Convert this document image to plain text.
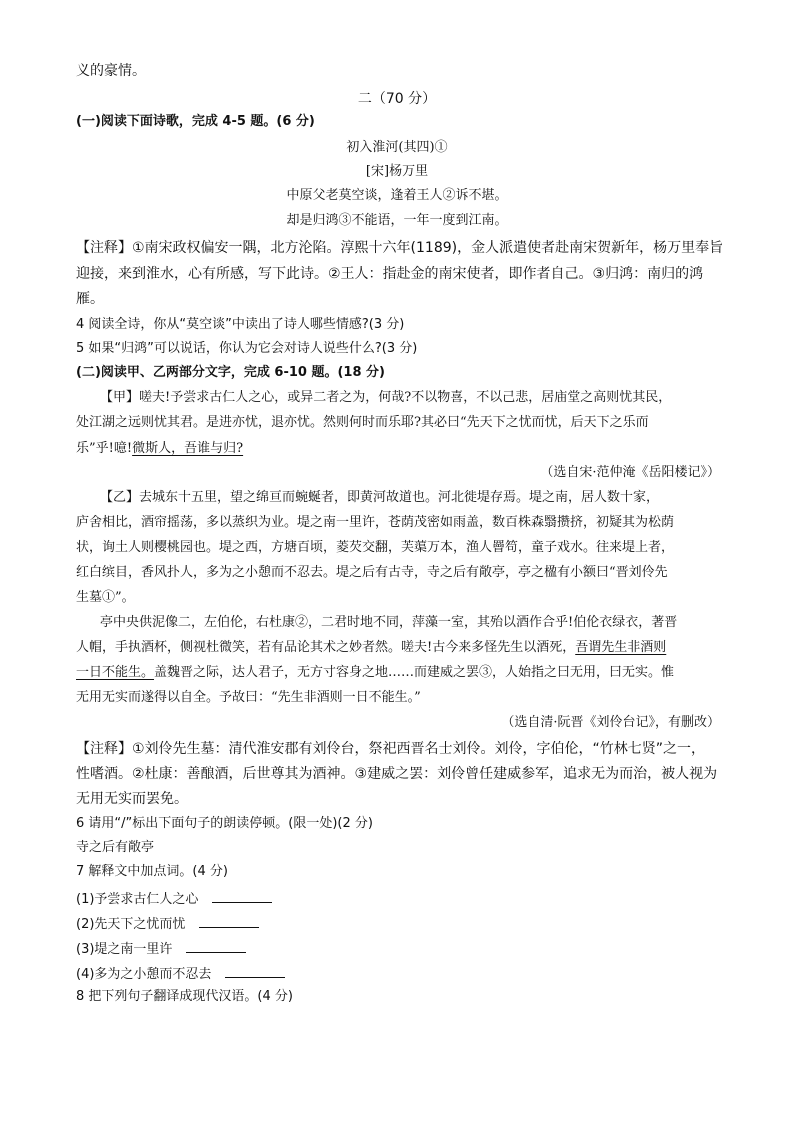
义的豪情。
二（70 分）
(一)阅读下面诗歌，完成 4-5 题。(6 分)
初入淮河(其四)①
[宋]杨万里
中原父老莫空谈，逢着王人②诉不堪。
却是归鸿③不能语，一年一度到江南。
【注释】①南宋政权偏安一隅，北方沦陷。淳熙十六年(1189)，金人派遣使者赴南宋贺新年，杨万里奉旨
迎接，来到淮水，心有所感，写下此诗。②王人：指赴金的南宋使者，即作者自己。③归鸿：南归的鸿
雁。
4 阅读全诗，你从“莫空谈”中读出了诗人哪些情感?(3 分)
5 如果“归鸿”可以说话，你认为它会对诗人说些什么?(3 分)
(二)阅读甲、乙两部分文字，完成 6-10 题。(18 分)
【甲】嗟夫!予尝求古仁人之心，或异二者之为，何哉?不以物喜，不以己悲，居庙堂之高则忧其民，
处江湖之远则忧其君。是进亦忧，退亦忧。然则何时而乐耶?其必曰“先天下之忧而忧，后天下之乐而
乐”乎!噫!微斯人，吾谁与归?
（选自宋·范仲淹《岳阳楼记》）
【乙】去城东十五里，望之绵亘而蜿蜒者，即黄河故道也。河北徙堤存焉。堤之南，居人数十家，
庐舍相比，酒帘摇荡，多以蒸织为业。堤之南一里许，苍荫茂密如雨盖，数百株森翳攒挤，初疑其为松荫
状，询土人则樱桃园也。堤之西，方塘百顷，菱芡交翻，芙蕖万本，渔人罾笱，童子戏水。往来堤上者，
红白缤目，香风扑人，多为之小憩而不忍去。堤之后有古寺，寺之后有敞亭，亭之楹有小额曰“晋刘伶先
生墓①”。
亭中央供泥像二，左伯伦，右杜康②，二君时地不同，萍藻一室，其殆以酒作合乎!伯伦衣绿衣，著晋
人帽，手执酒杯，侧视杜微笑，若有品论其术之妙者然。嗟夫!古今来多怪先生以酒死，吾谓先生非酒则
一日不能生。盖魏晋之际，达人君子，无方寸容身之地……而建威之罢③，人始指之曰无用，曰无实。惟
无用无实而遂得以自全。予故曰：“先生非酒则一日不能生。”
（选自清·阮晋《刘伶台记》，有删改）
【注释】①刘伶先生墓：清代淮安郡有刘伶台，祭祀西晋名士刘伶。刘伶，字伯伦，“竹林七贤”之一，
性嗜酒。②杜康：善酿酒，后世尊其为酒神。③建威之罢：刘伶曾任建威参军，追求无为而治，被人视为
无用无实而罢免。
6 请用“/”标出下面句子的朗读停顿。(限一处)(2 分)
寺之后有敞亭
7 解释文中加点词。(4 分)
(1)予尝求古仁人之心
(2)先天下之忧而忧
(3)堤之南一里许
(4)多为之小憩而不忍去
8 把下列句子翻译成现代汉语。(4 分)
